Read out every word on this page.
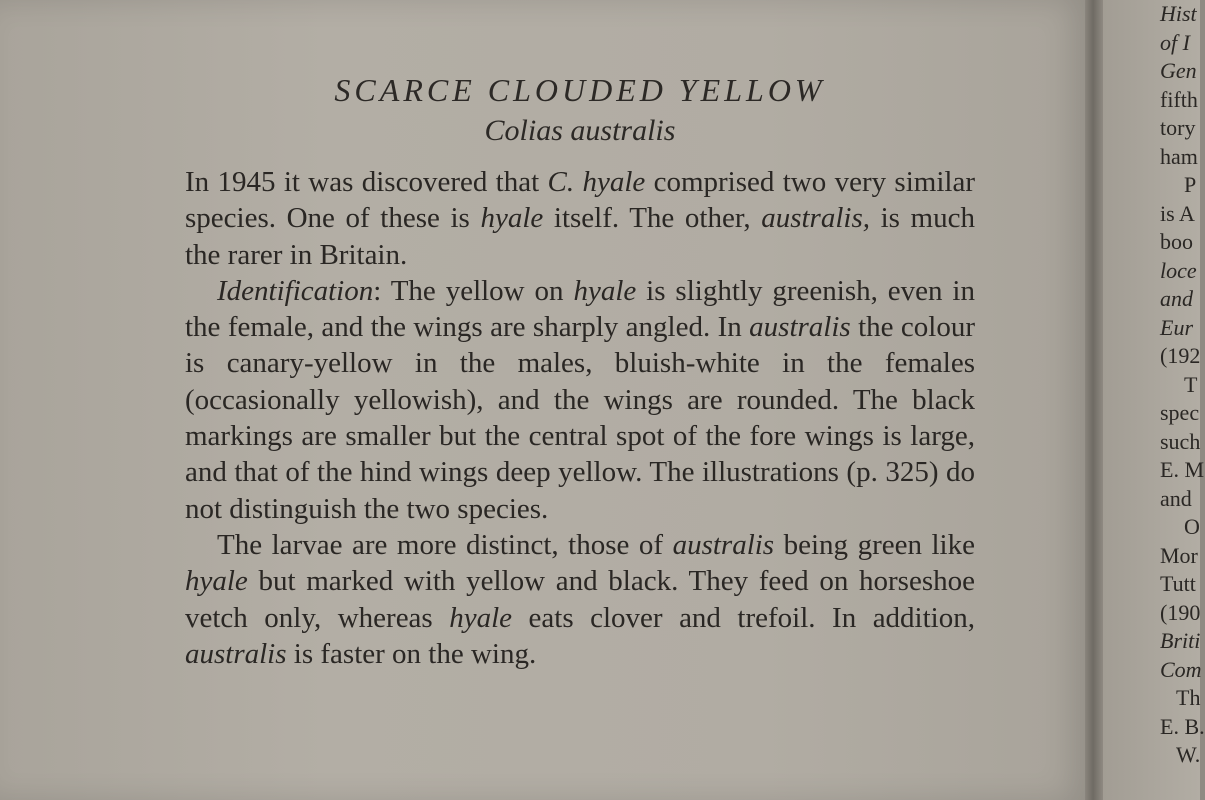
SCARCE CLOUDED YELLOW
Colias australis

In 1945 it was discovered that C. hyale comprised two very similar species. One of these is hyale itself. The other, australis, is much the rarer in Britain.

Identification: The yellow on hyale is slightly greenish, even in the female, and the wings are sharply angled. In australis the colour is canary-yellow in the males, bluish-white in the females (occasionally yellowish), and the wings are rounded. The black markings are smaller but the central spot of the fore wings is large, and that of the hind wings deep yellow. The illustrations (p. 325) do not distinguish the two species.

The larvae are more distinct, those of australis being green like hyale but marked with yellow and black. They feed on horseshoe vetch only, whereas hyale eats clover and trefoil. In addition, australis is faster on the wing.

Hist
of I
Gen
fifth
tory
ham
P
is A
boo
loce
and
Eur
(192
T
spec
such
E. M
and
O
Mor
Tutt
(190
Briti
Com
Th
E. B.
W.
